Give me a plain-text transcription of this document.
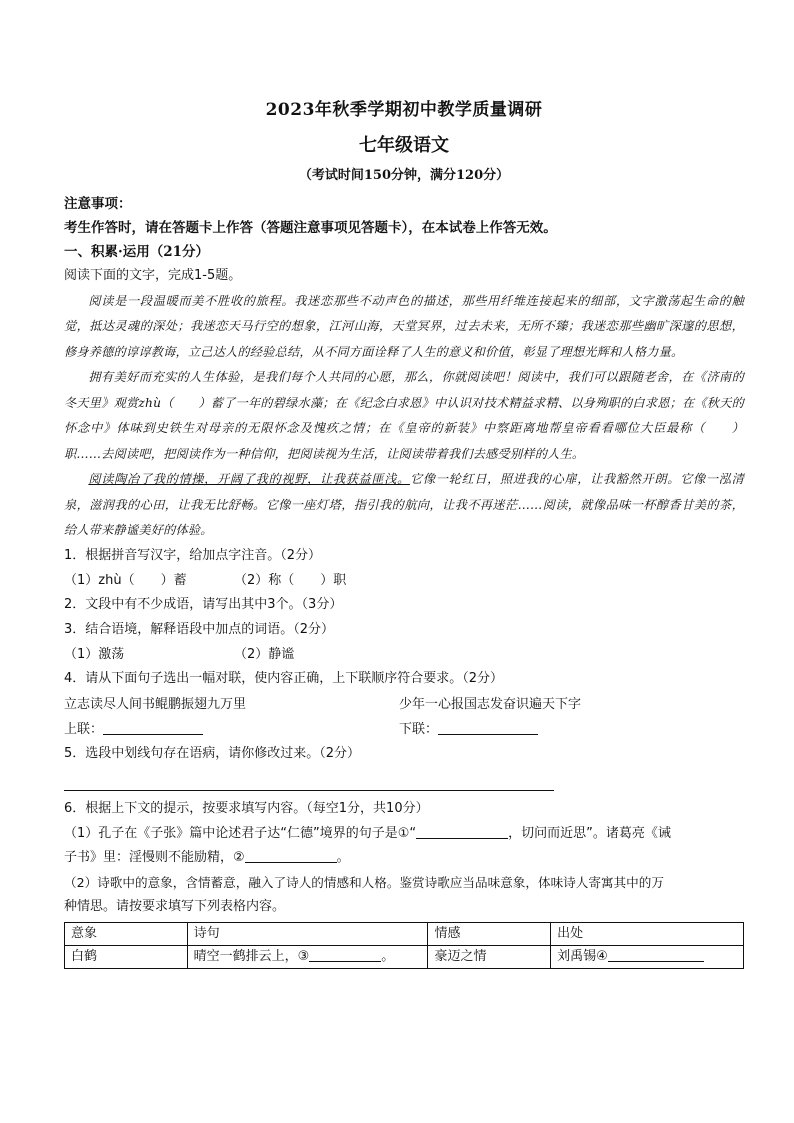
2023年秋季学期初中教学质量调研
七年级语文
（考试时间150分钟，满分120分）

注意事项：

考生作答时，请在答题卡上作答（答题注意事项见答题卡），在本试卷上作答无效。

一、积累·运用（21分）

阅读下面的文字，完成1-5题。

阅读是一段温暖而美不胜收的旅程。我迷恋那些不动声色的描述，那些用纤维连接起来的细部，文字激荡起生命的触觉，抵达灵魂的深处；我迷恋天马行空的想象，江河山海，天堂冥界，过去未来，无所不臻；我迷恋那些幽旷深邃的思想，修身养德的谆谆教诲，立己达人的经验总结，从不同方面诠释了人生的意义和价值，彰显了理想光辉和人格力量。

拥有美好而充实的人生体验，是我们每个人共同的心愿，那么，你就阅读吧！阅读中，我们可以跟随老舍，在《济南的冬天里》观赏zhù（　　）蓄了一年的碧绿水藻；在《纪念白求恩》中认识对技术精益求精、以身殉职的白求恩；在《秋天的怀念中》体味到史铁生对母亲的无限怀念及愧疚之情；在《皇帝的新装》中察距离地帮皇帝看看哪位大臣最称（　　）职……去阅读吧，把阅读作为一种信仰，把阅读视为生活，让阅读带着我们去感受别样的人生。

阅读陶冶了我的情操，开阔了我的视野，让我获益匪浅。它像一轮红日，照进我的心扉，让我豁然开朗。它像一泓清泉，滋润我的心田，让我无比舒畅。它像一座灯塔，指引我的航向，让我不再迷茫……阅读，就像品味一杯醇香甘美的茶，给人带来静谧美好的体验。

1．根据拼音写汉字，给加点字注音。（2分）

（1）zhù（　　）蓄	（2）称（　　）职

2．文段中有不少成语，请写出其中3个。（3分）

3．结合语境，解释语段中加点的词语。（2分）

（1）激荡	（2）静谧

4．请从下面句子选出一幅对联，使内容正确，上下联顺序符合要求。（2分）

立志读尽人间书鲲鹏振翅九万里	少年一心报国志发奋识遍天下字
上联：	下联：

5．选段中划线句存在语病，请你修改过来。（2分）

6．根据上下文的提示，按要求填写内容。（每空1分，共10分）

（1）孔子在《子张》篇中论述君子达“仁德”境界的句子是①“	，切问而近思”。诸葛亮《诫

子书》里：淫慢则不能励精，②	。

（2）诗歌中的意象，含情蓄意，融入了诗人的情感和人格。鉴赏诗歌应当品味意象，体味诗人寄寓其中的万

种情思。请按要求填写下列表格内容。

意象	诗句	情感	出处
白鹤	晴空一鹤排云上，③ 。	豪迈之情	刘禹锡④
